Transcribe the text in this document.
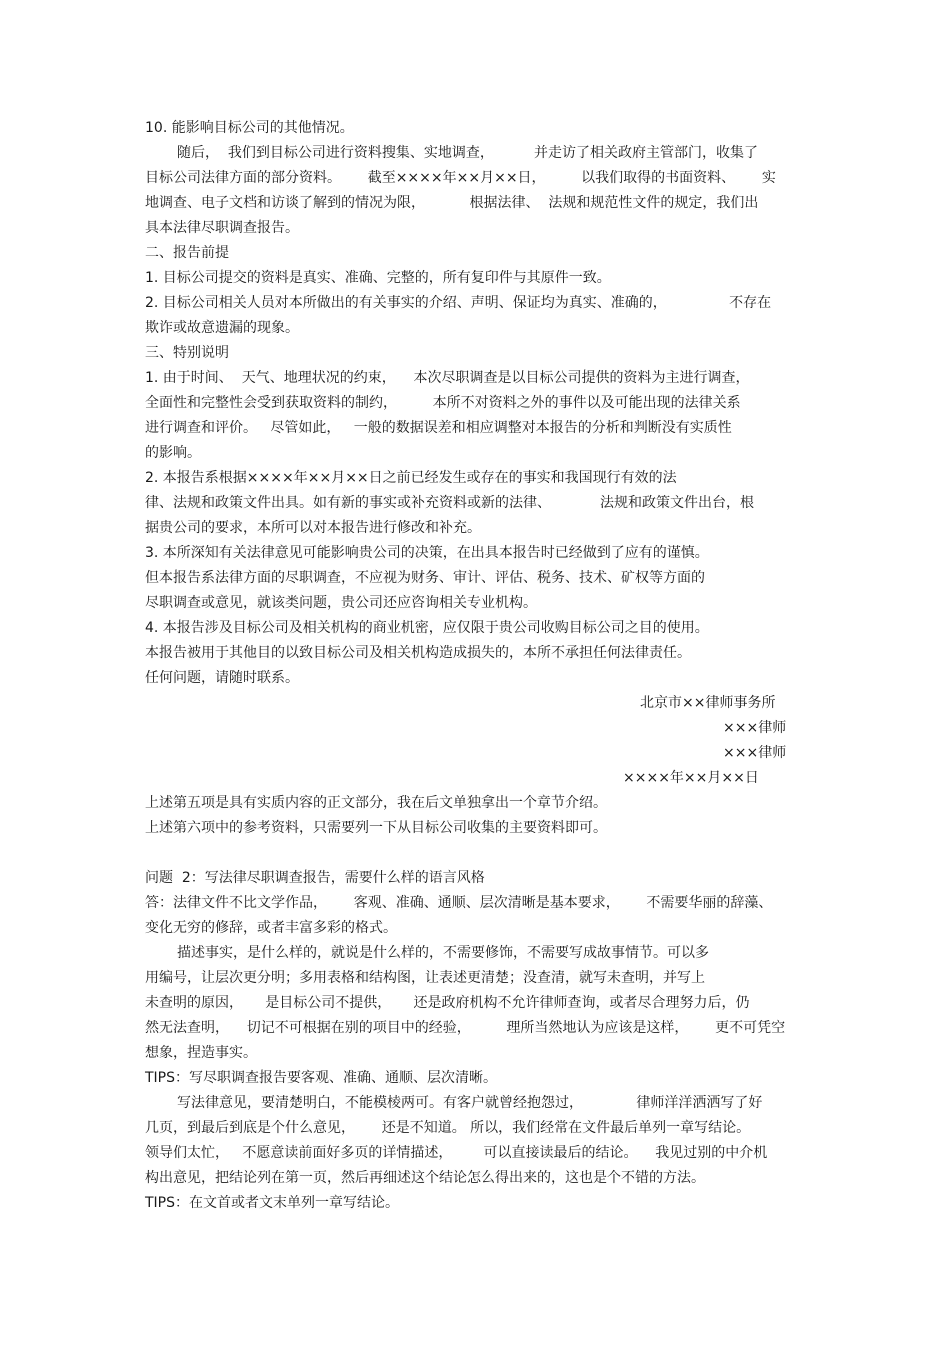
10. 能影响目标公司的其他情况。

随后，  我们到目标公司进行资料搜集、实地调查，         并走访了相关政府主管部门，收集了

目标公司法律方面的部分资料。      截至××××年××月××日，        以我们取得的书面资料、      实

地调查、电子文档和访谈了解到的情况为限，          根据法律、  法规和规范性文件的规定，我们出

具本法律尽职调查报告。

二、报告前提

1. 目标公司提交的资料是真实、准确、完整的，所有复印件与其原件一致。

2. 目标公司相关人员对本所做出的有关事实的介绍、声明、保证均为真实、准确的，              不存在

欺诈或故意遗漏的现象。

三、特别说明

1. 由于时间、  天气、地理状况的约束，    本次尽职调查是以目标公司提供的资料为主进行调查，

全面性和完整性会受到获取资料的制约，        本所不对资料之外的事件以及可能出现的法律关系

进行调查和评价。   尽管如此，   一般的数据误差和相应调整对本报告的分析和判断没有实质性

的影响。

2. 本报告系根据××××年××月××日之前已经发生或存在的事实和我国现行有效的法

律、法规和政策文件出具。如有新的事实或补充资料或新的法律、           法规和政策文件出台，根

据贵公司的要求，本所可以对本报告进行修改和补充。

3. 本所深知有关法律意见可能影响贵公司的决策，在出具本报告时已经做到了应有的谨慎。

但本报告系法律方面的尽职调查，不应视为财务、审计、评估、税务、技术、矿权等方面的

尽职调查或意见，就该类问题，贵公司还应咨询相关专业机构。

4. 本报告涉及目标公司及相关机构的商业机密，应仅限于贵公司收购目标公司之目的使用。

本报告被用于其他目的以致目标公司及相关机构造成损失的，本所不承担任何法律责任。

任何问题，请随时联系。

北京市××律师事务所

×××律师

×××律师

××××年××月××日

上述第五项是具有实质内容的正文部分，我在后文单独拿出一个章节介绍。

上述第六项中的参考资料，只需要列一下从目标公司收集的主要资料即可。

问题  2：写法律尽职调查报告，需要什么样的语言风格

答：法律文件不比文学作品，      客观、准确、通顺、层次清晰是基本要求，      不需要华丽的辞藻、

变化无穷的修辞，或者丰富多彩的格式。

描述事实，是什么样的，就说是什么样的，不需要修饰，不需要写成故事情节。可以多

用编号，让层次更分明；多用表格和结构图，让表述更清楚；没查清，就写未查明，并写上

未查明的原因，     是目标公司不提供，     还是政府机构不允许律师查询，或者尽合理努力后，仍

然无法查明，    切记不可根据在别的项目中的经验，        理所当然地认为应该是这样，      更不可凭空

想象，捏造事实。

TIPS：写尽职调查报告要客观、准确、通顺、层次清晰。

写法律意见，要清楚明白，不能模棱两可。有客户就曾经抱怨过，            律师洋洋洒洒写了好

几页，到最后到底是个什么意见，      还是不知道。 所以，我们经常在文件最后单列一章写结论。

领导们太忙，   不愿意读前面好多页的详情描述，       可以直接读最后的结论。    我见过别的中介机

构出意见，把结论列在第一页，然后再细述这个结论怎么得出来的，这也是个不错的方法。

TIPS：在文首或者文末单列一章写结论。
